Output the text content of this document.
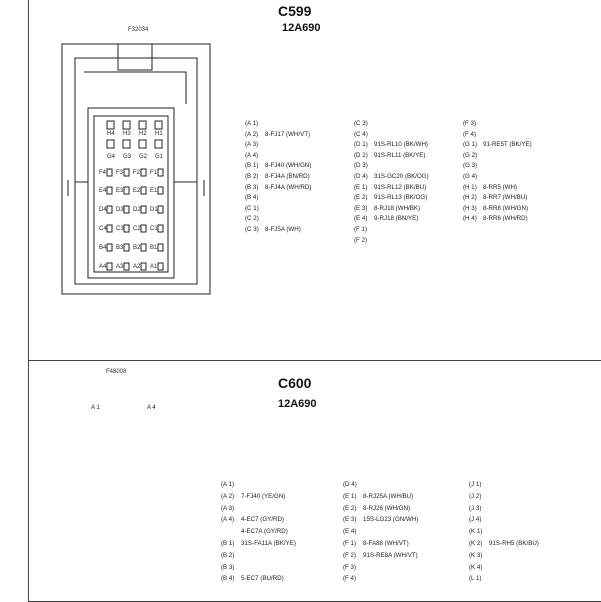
C599
12A690
F32034
H4 H3 H2 H1
G4 G3 G2 G1
F4 F3 F2 F1
E4 E3 E2 E1
D4 D3 D2 D1
C4 C3 C2 C1
B4 B3 B2 B1
A4 A3 A2 A1
(A 1)
(A 2) 8-FJ17 (WH/VT)
(A 3)
(A 4)
(B 1) 8-FJ40 (WH/GN)
(B 2) 8-FJ4A (BN/RD)
(B 3) 8-FJ4A (WH/RD)
(B 4)
(C 1)
(C 2)
(C 3) 8-FJ5A (WH)
(C 3)
(C 4)
(D 1) 91S-RL10 (BK/WH)
(D 2) 91S-RL11 (BK/YE)
(D 3)
(D 4) 31S-GC20 (BK/OG)
(E 1) 91S-RL12 (BK/BU)
(E 2) 91S-RL13 (BK/OG)
(E 3) 8-RJ18 (WH/BK)
(E 4) 9-RJ18 (BN/YE)
(F 1)
(F 2)
(F 3)
(F 4)
(G 1) 91-RE5T (BK/YE)
(G 2)
(G 3)
(G 4)
(H 1) 8-RR5 (WH)
(H 2) 8-RR7 (WH/BU)
(H 3) 8-RR8 (WH/GN)
(H 4) 8-RR6 (WH/RD)
C600
12A690
F48008
A 1	A 4
(A 1)
(A 2) 7-FJ40 (YE/GN)
(A 3)
(A 4) 4-EC7 (GY/RD)
4-EC7A (GY/RD)
(B 1) 31S-FA11A (BK/YE)
(B 2)
(B 3)
(B 4) 5-EC7 (BU/RD)
(D 4)
(E 1) 8-RJ25A (WH/BU)
(E 2) 8-RJ26 (WH/GN)
(E 3) 15S-LG23 (GN/WH)
(E 4)
(F 1) 8-FA88 (WH/VT)
(F 2) 91S-RE8A (WH/VT)
(F 3)
(F 4)
(J 1)
(J 2)
(J 3)
(J 4)
(K 1)
(K 2) 91S-RH5 (BK/BU)
(K 3)
(K 4)
(L 1)
